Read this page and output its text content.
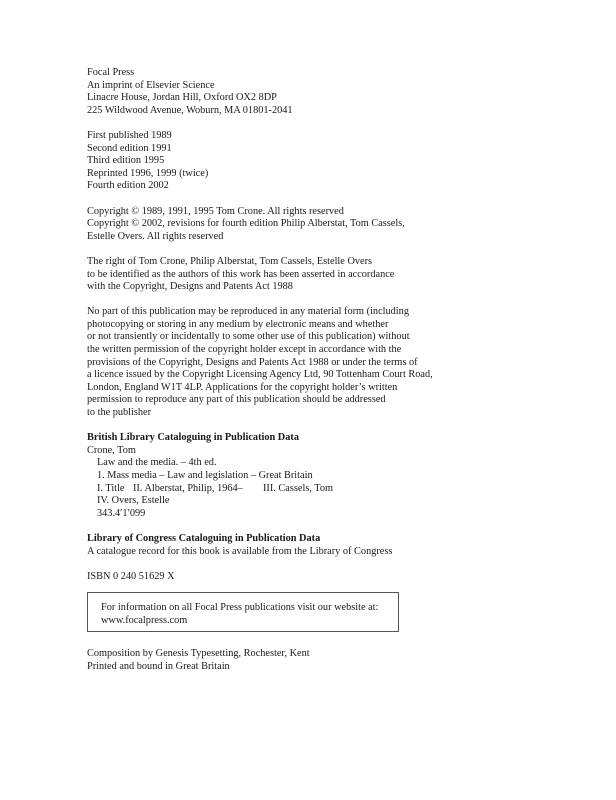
Focal Press
An imprint of Elsevier Science
Linacre House, Jordan Hill, Oxford OX2 8DP
225 Wildwood Avenue, Woburn, MA 01801-2041
First published 1989
Second edition 1991
Third edition 1995
Reprinted 1996, 1999 (twice)
Fourth edition 2002
Copyright © 1989, 1991, 1995 Tom Crone. All rights reserved
Copyright © 2002, revisions for fourth edition Philip Alberstat, Tom Cassels,
Estelle Overs. All rights reserved
The right of Tom Crone, Philip Alberstat, Tom Cassels, Estelle Overs
to be identified as the authors of this work has been asserted in accordance
with the Copyright, Designs and Patents Act 1988
No part of this publication may be reproduced in any material form (including
photocopying or storing in any medium by electronic means and whether
or not transiently or incidentally to some other use of this publication) without
the written permission of the copyright holder except in accordance with the
provisions of the Copyright, Designs and Patents Act 1988 or under the terms of
a licence issued by the Copyright Licensing Agency Ltd, 90 Tottenham Court Road,
London, England W1T 4LP. Applications for the copyright holder’s written
permission to reproduce any part of this publication should be addressed
to the publisher
British Library Cataloguing in Publication Data
Crone, Tom
Law and the media. – 4th ed.
1. Mass media – Law and legislation – Great Britain
I. Title II. Alberstat, Philip, 1964– III. Cassels, Tom
IV. Overs, Estelle
343.4′1′099
Library of Congress Cataloguing in Publication Data
A catalogue record for this book is available from the Library of Congress
ISBN 0 240 51629 X
For information on all Focal Press publications visit our website at:
www.focalpress.com
Composition by Genesis Typesetting, Rochester, Kent
Printed and bound in Great Britain
